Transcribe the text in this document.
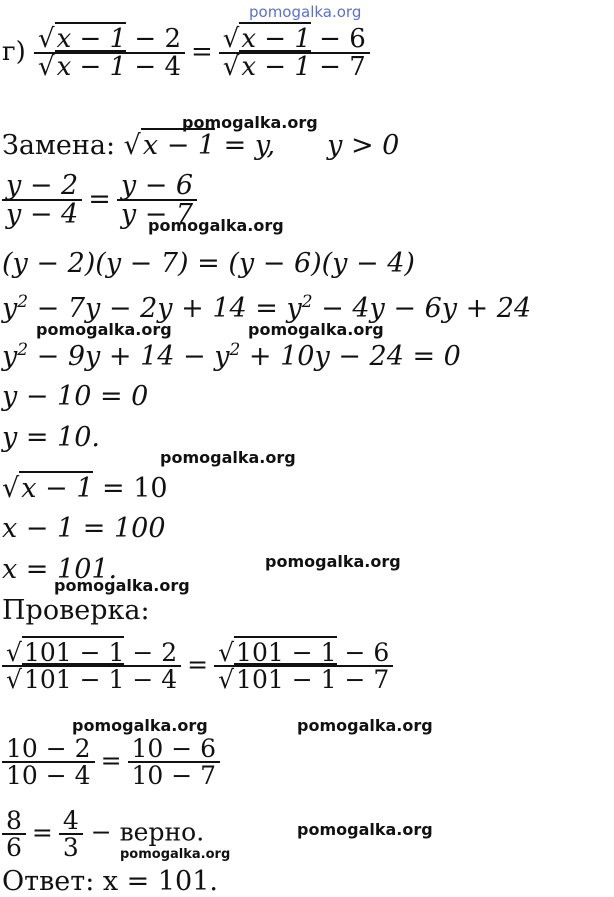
pomogalka.org
$г) \frac{√x - 1 - 2}{√x - 1 - 4} = \frac{√x - 1 - 6}{√x - 1 - 7}$
pomogalka.org
Замена: √x − 1 = y, y > 0
$\frac{y - 2}{y - 4} = \frac{y - 6}{y - 7}$
pomogalka.org
(y − 2)(y − 7) = (y − 6)(y − 4)
$y^2 - 7y - 2y + 14 = y^2 - 4y - 6y + 24$
pomogalka.org	pomogalka.org
$y^2 - 9y + 14 - y^2 + 10y - 24 = 0$
y − 10 = 0
y = 10.
pomogalka.org
√x − 1 = 10
x − 1 = 100
x = 101.	pomogalka.org
pomogalka.org
Проверка:
$\frac{√101 - 1 - 2}{√101 - 1 - 4} = \frac{√101 - 1 - 6}{√101 - 1 - 7}$
pomogalka.org	pomogalka.org
$\frac{10 - 2}{10 - 4} = \frac{10 - 6}{10 - 7}$
$\frac{8}{6} = \frac{4}{3}$ − верно.	pomogalka.org
pomogalka.org
Ответ: x = 101.
